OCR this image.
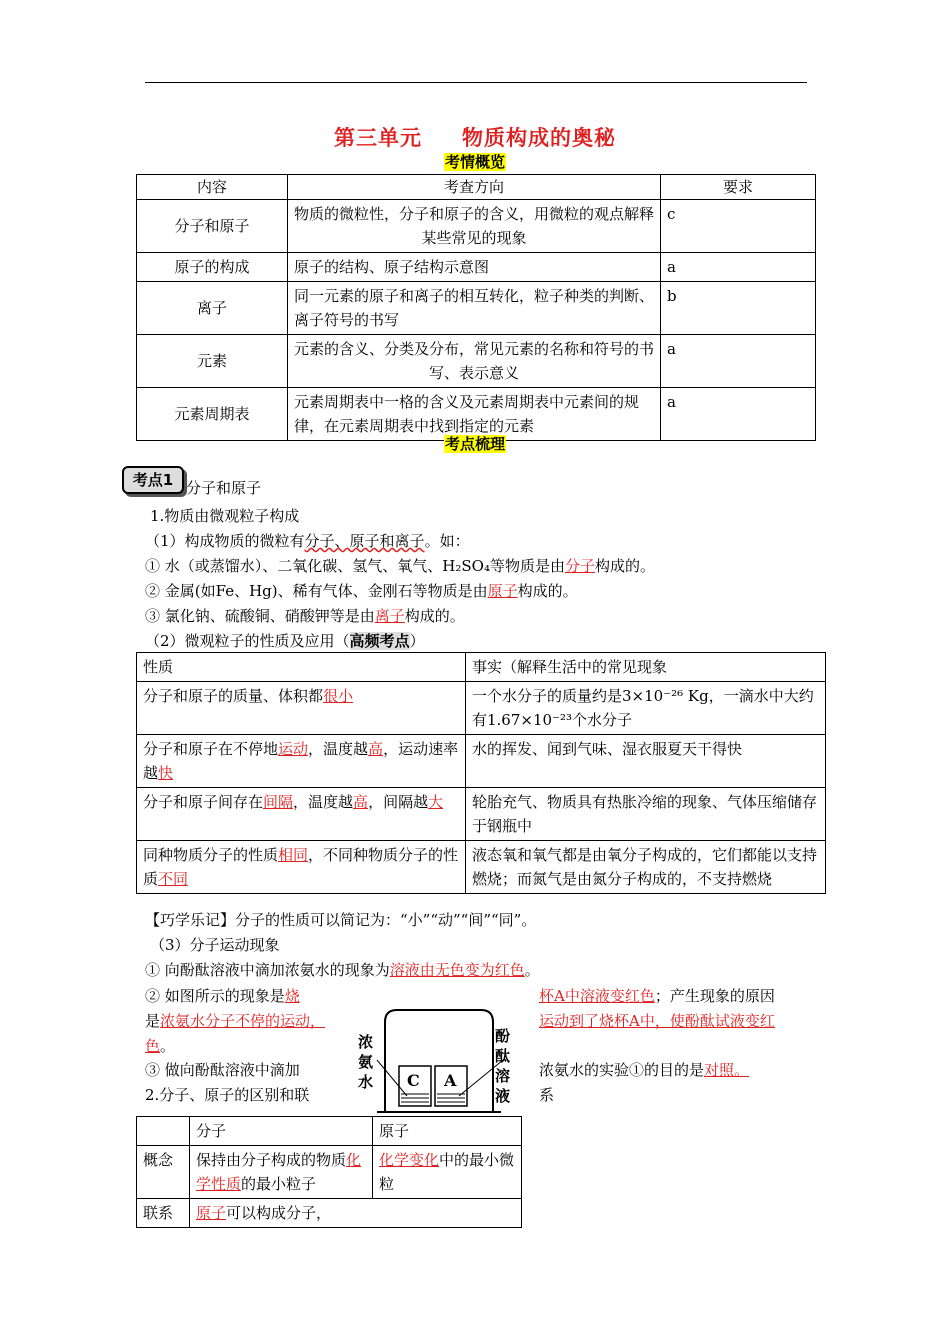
第三单元 物质构成的奥秘
考情概览
内容	考查方向	要求
分子和原子	物质的微粒性，分子和原子的含义，用微粒的观点解释某些常见的现象	c
原子的构成	原子的结构、原子结构示意图	a
离子	同一元素的原子和离子的相互转化，粒子种类的判断、离子符号的书写	b
元素	元素的含义、分类及分布，常见元素的名称和符号的书写、表示意义	a
元素周期表	元素周期表中一格的含义及元素周期表中元素间的规律，在元素周期表中找到指定的元素	a
考点梳理
考点1 分子和原子
1.物质由微观粒子构成
（1）构成物质的微粒有分子、原子和离子。如：
① 水（或蒸馏水）、二氧化碳、氢气、氧气、H₂SO₄等物质是由分子构成的。
② 金属(如Fe、Hg)、稀有气体、金刚石等物质是由原子构成的。
③ 氯化钠、硫酸铜、硝酸钾等是由离子构成的。
（2）微观粒子的性质及应用（高频考点）
性质	事实（解释生活中的常见现象
分子和原子的质量、体积都很小	一个水分子的质量约是3×10⁻²⁶ Kg，一滴水中大约有1.67×10⁻²³个水分子
分子和原子在不停地运动，温度越高，运动速率越快	水的挥发、闻到气味、湿衣服夏天干得快
分子和原子间存在间隔，温度越高，间隔越大	轮胎充气、物质具有热胀冷缩的现象、气体压缩储存于钢瓶中
同种物质分子的性质相同，不同种物质分子的性质不同	液态氧和氧气都是由氧分子构成的，它们都能以支持燃烧；而氮气是由氮分子构成的，不支持燃烧
【巧学乐记】分子的性质可以简记为：“小”“动”“间”“同”。
（3）分子运动现象
① 向酚酞溶液中滴加浓氨水的现象为溶液由无色变为红色。
② 如图所示的现象是烧	杯A中溶液变红色；产生现象的原因
是浓氨水分子不停的运动，	运动到了烧杯A中，使酚酞试液变红
色。
③ 做向酚酞溶液中滴加	浓氨水的实验①的目的是对照。
2.分子、原子的区别和联	系
C A
浓氨水
酚酞溶液
	分子	原子
概念	保持由分子构成的物质化学性质的最小粒子	化学变化中的最小微粒
联系	原子可以构成分子，	
